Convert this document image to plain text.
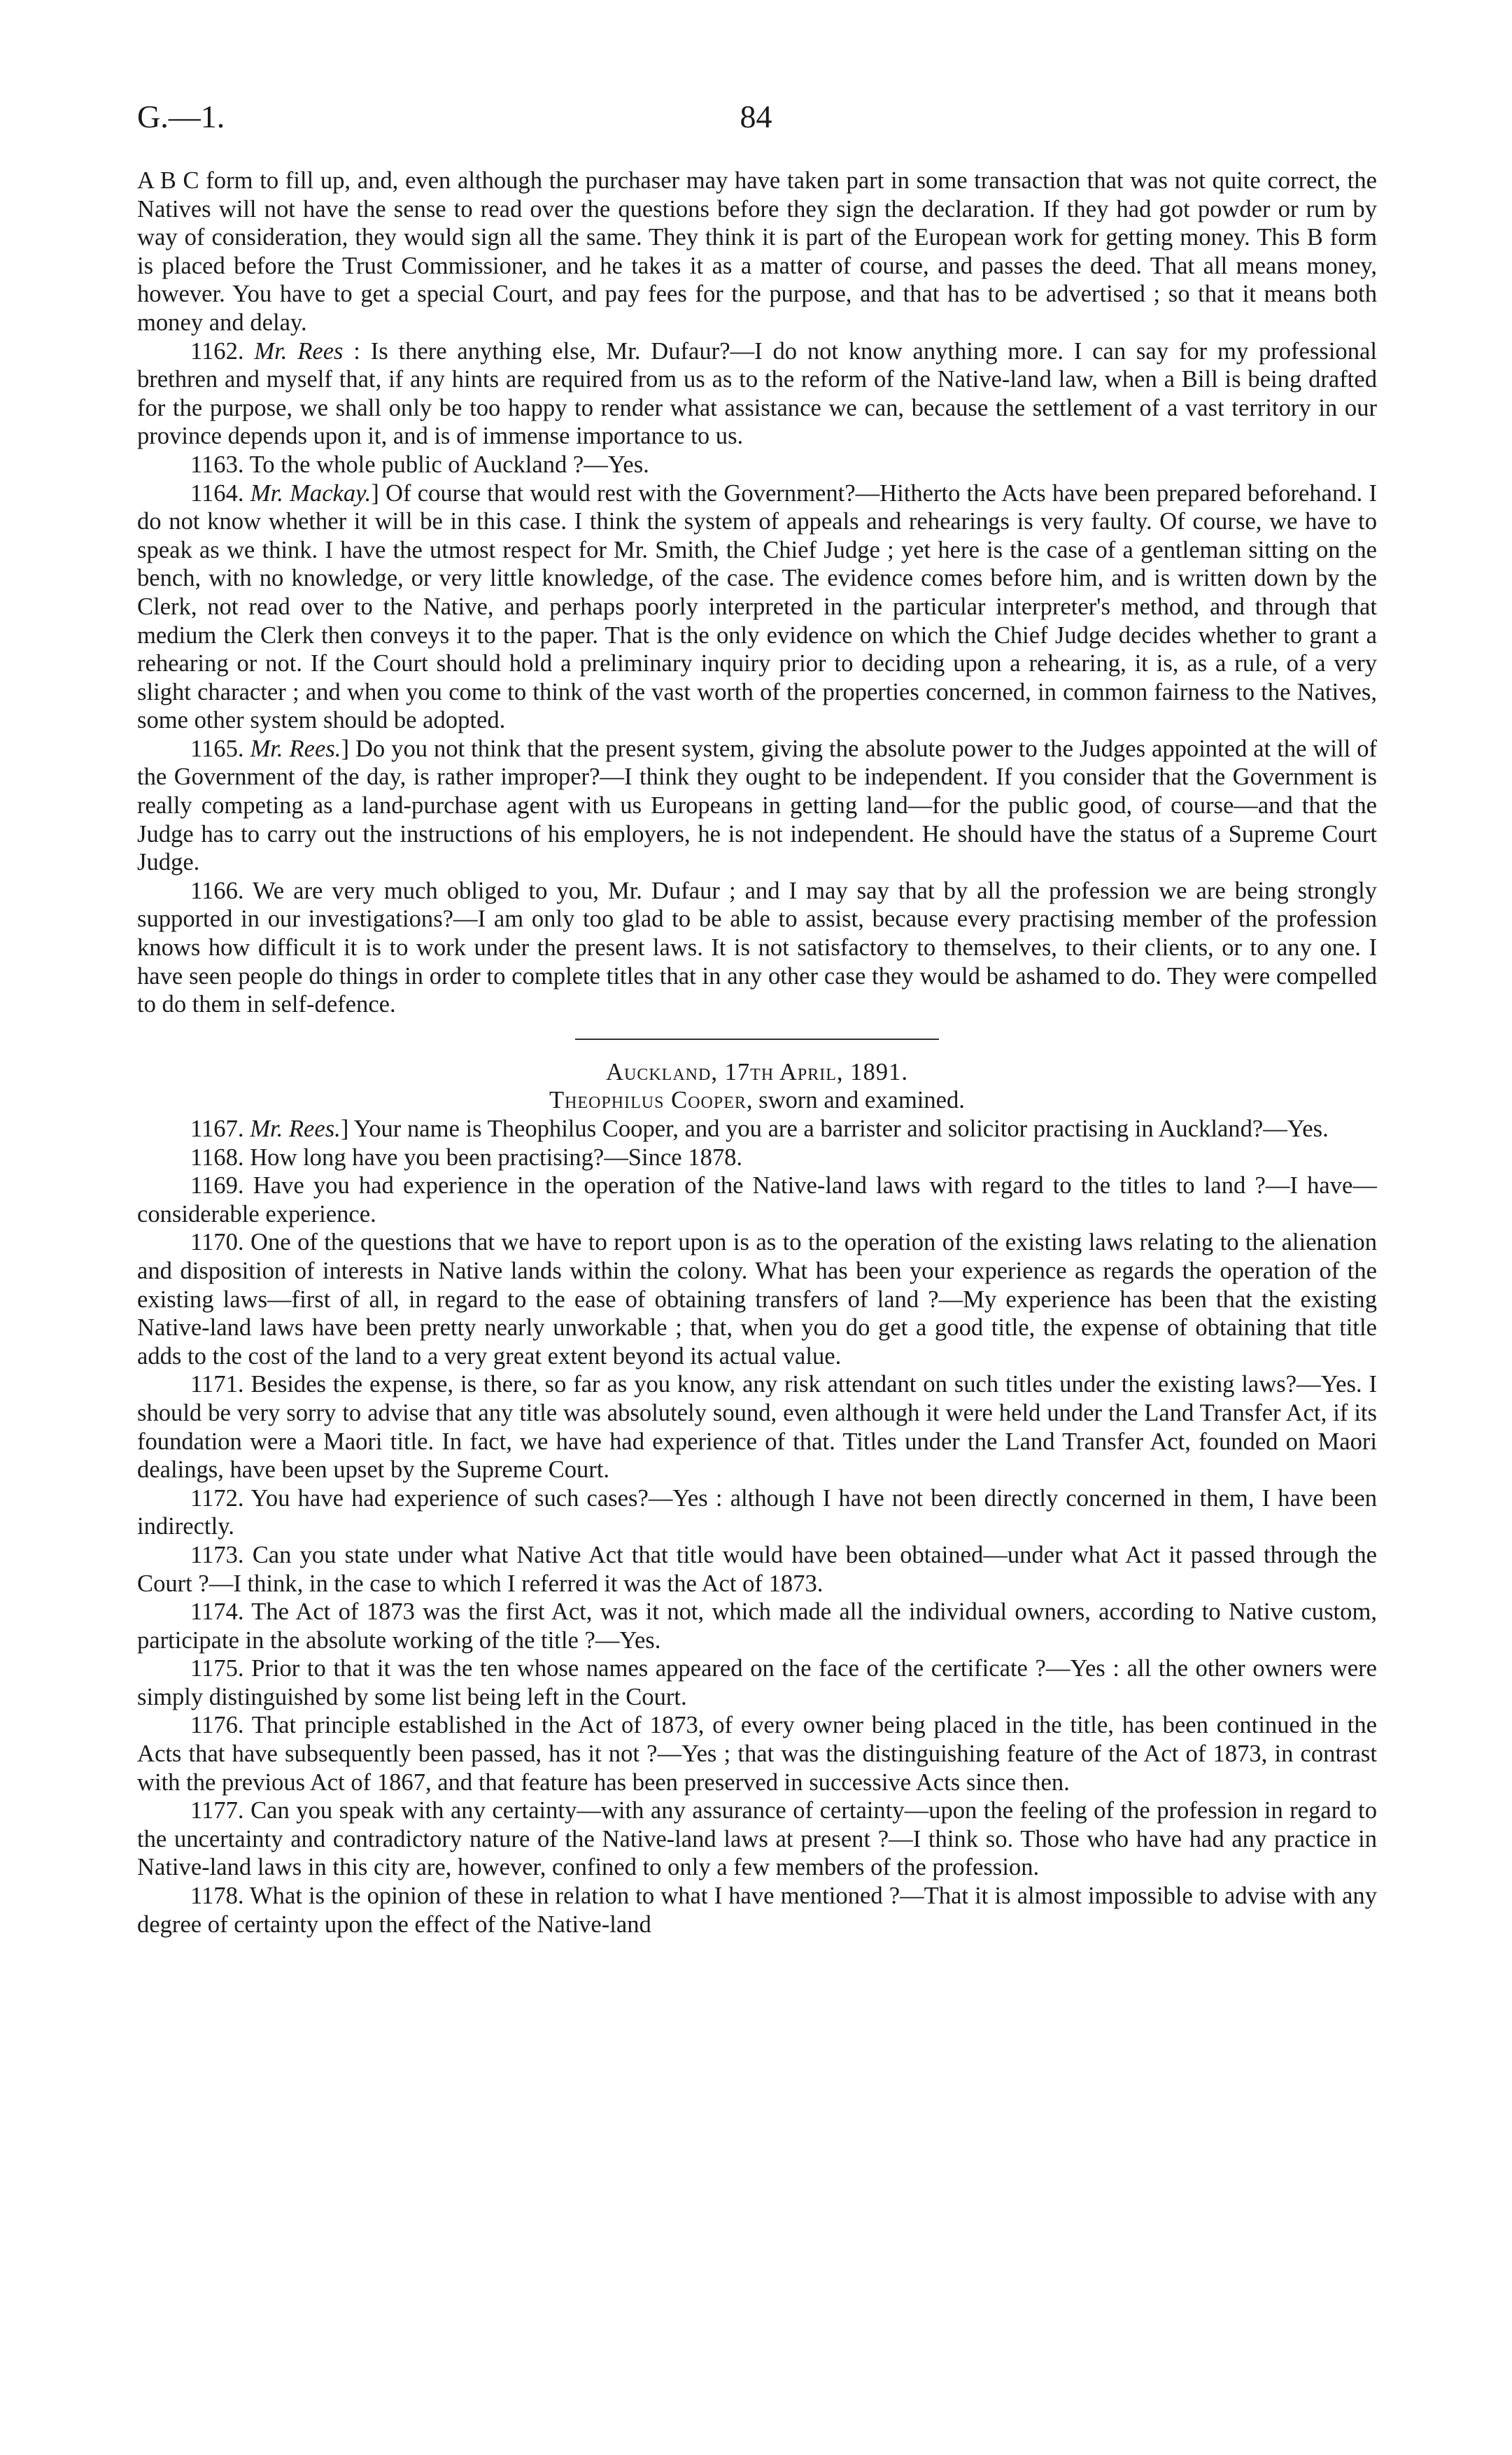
G.—1.	84

A B C form to fill up, and, even although the purchaser may have taken part in some transaction that was not quite correct, the Natives will not have the sense to read over the questions before they sign the declaration. If they had got powder or rum by way of consideration, they would sign all the same. They think it is part of the European work for getting money. This B form is placed before the Trust Commissioner, and he takes it as a matter of course, and passes the deed. That all means money, however. You have to get a special Court, and pay fees for the purpose, and that has to be advertised ; so that it means both money and delay.

1162. Mr. Rees : Is there anything else, Mr. Dufaur?—I do not know anything more. I can say for my professional brethren and myself that, if any hints are required from us as to the reform of the Native-land law, when a Bill is being drafted for the purpose, we shall only be too happy to render what assistance we can, because the settlement of a vast territory in our province depends upon it, and is of immense importance to us.

1163. To the whole public of Auckland ?—Yes.

1164. Mr. Mackay.] Of course that would rest with the Government?—Hitherto the Acts have been prepared beforehand. I do not know whether it will be in this case. I think the system of appeals and rehearings is very faulty. Of course, we have to speak as we think. I have the utmost respect for Mr. Smith, the Chief Judge ; yet here is the case of a gentleman sitting on the bench, with no knowledge, or very little knowledge, of the case. The evidence comes before him, and is written down by the Clerk, not read over to the Native, and perhaps poorly interpreted in the particular interpreter's method, and through that medium the Clerk then conveys it to the paper. That is the only evidence on which the Chief Judge decides whether to grant a rehearing or not. If the Court should hold a preliminary inquiry prior to deciding upon a rehearing, it is, as a rule, of a very slight character ; and when you come to think of the vast worth of the properties concerned, in common fairness to the Natives, some other system should be adopted.

1165. Mr. Rees.] Do you not think that the present system, giving the absolute power to the Judges appointed at the will of the Government of the day, is rather improper?—I think they ought to be independent. If you consider that the Government is really competing as a land-purchase agent with us Europeans in getting land—for the public good, of course—and that the Judge has to carry out the instructions of his employers, he is not independent. He should have the status of a Supreme Court Judge.

1166. We are very much obliged to you, Mr. Dufaur ; and I may say that by all the profession we are being strongly supported in our investigations?—I am only too glad to be able to assist, because every practising member of the profession knows how difficult it is to work under the present laws. It is not satisfactory to themselves, to their clients, or to any one. I have seen people do things in order to complete titles that in any other case they would be ashamed to do. They were compelled to do them in self-defence.

Auckland, 17th April, 1891.

Theophilus Cooper, sworn and examined.

1167. Mr. Rees.] Your name is Theophilus Cooper, and you are a barrister and solicitor practising in Auckland?—Yes.

1168. How long have you been practising?—Since 1878.

1169. Have you had experience in the operation of the Native-land laws with regard to the titles to land ?—I have—considerable experience.

1170. One of the questions that we have to report upon is as to the operation of the existing laws relating to the alienation and disposition of interests in Native lands within the colony. What has been your experience as regards the operation of the existing laws—first of all, in regard to the ease of obtaining transfers of land ?—My experience has been that the existing Native-land laws have been pretty nearly unworkable ; that, when you do get a good title, the expense of obtaining that title adds to the cost of the land to a very great extent beyond its actual value.

1171. Besides the expense, is there, so far as you know, any risk attendant on such titles under the existing laws?—Yes. I should be very sorry to advise that any title was absolutely sound, even although it were held under the Land Transfer Act, if its foundation were a Maori title. In fact, we have had experience of that. Titles under the Land Transfer Act, founded on Maori dealings, have been upset by the Supreme Court.

1172. You have had experience of such cases?—Yes : although I have not been directly concerned in them, I have been indirectly.

1173. Can you state under what Native Act that title would have been obtained—under what Act it passed through the Court ?—I think, in the case to which I referred it was the Act of 1873.

1174. The Act of 1873 was the first Act, was it not, which made all the individual owners, according to Native custom, participate in the absolute working of the title ?—Yes.

1175. Prior to that it was the ten whose names appeared on the face of the certificate ?—Yes : all the other owners were simply distinguished by some list being left in the Court.

1176. That principle established in the Act of 1873, of every owner being placed in the title, has been continued in the Acts that have subsequently been passed, has it not ?—Yes ; that was the distinguishing feature of the Act of 1873, in contrast with the previous Act of 1867, and that feature has been preserved in successive Acts since then.

1177. Can you speak with any certainty—with any assurance of certainty—upon the feeling of the profession in regard to the uncertainty and contradictory nature of the Native-land laws at present ?—I think so. Those who have had any practice in Native-land laws in this city are, however, confined to only a few members of the profession.

1178. What is the opinion of these in relation to what I have mentioned ?—That it is almost impossible to advise with any degree of certainty upon the effect of the Native-land
